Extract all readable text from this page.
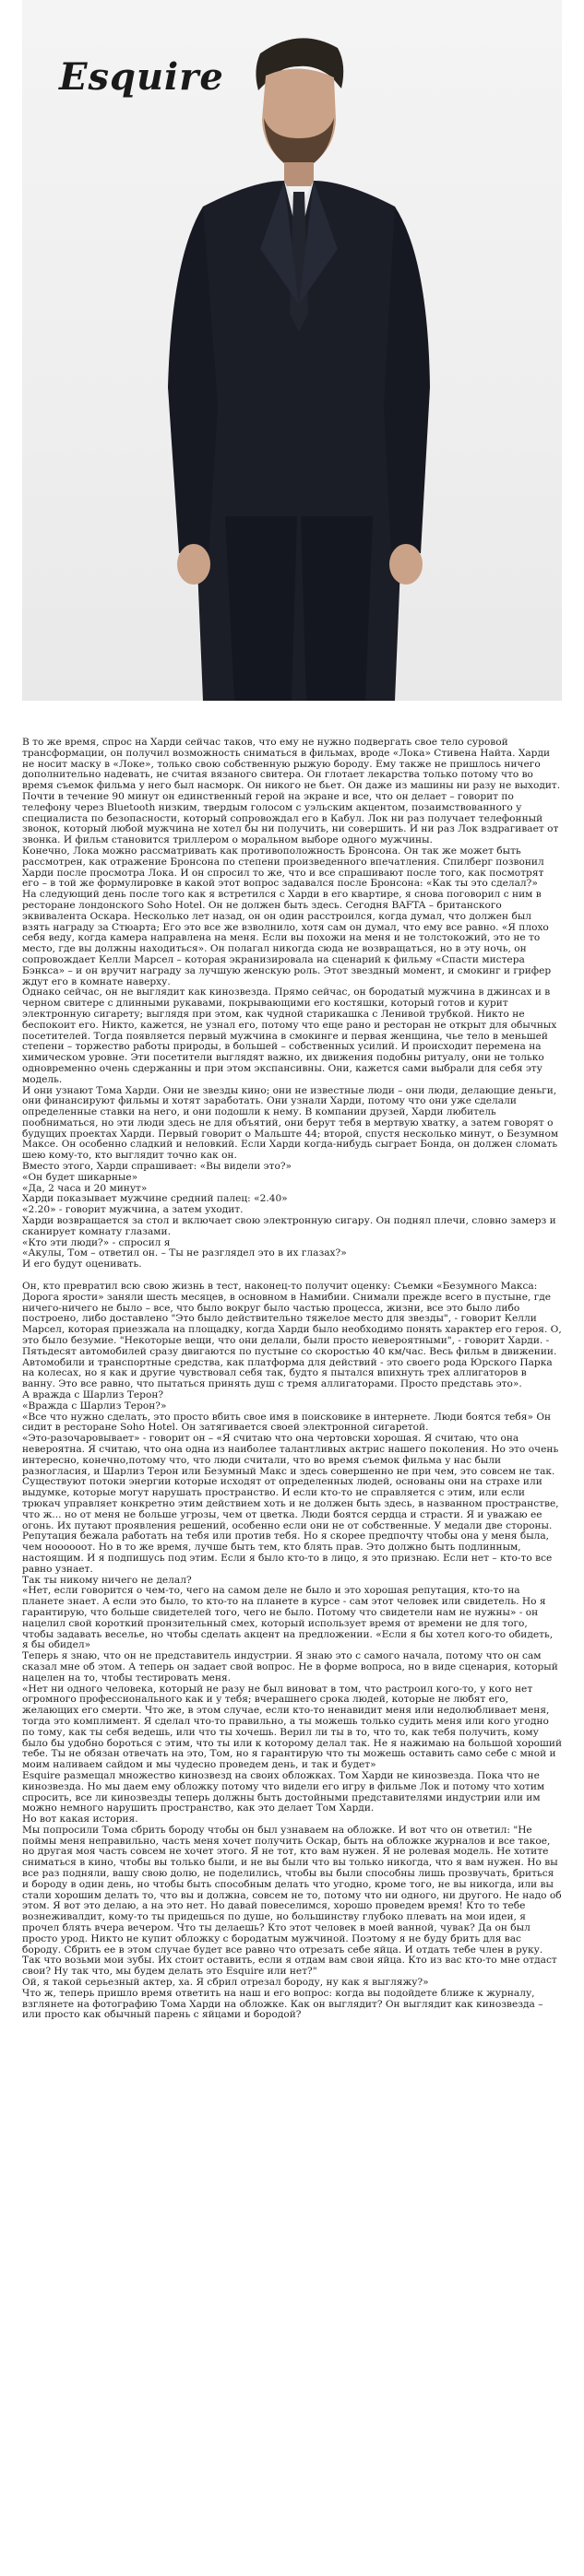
Esquire

В то же время, спрос на Харди сейчас таков, что ему не нужно подвергать свое тело суровой трансформации, он получил возможность сниматься в фильмах, вроде «Лока» Стивена Найта. Харди не носит маску в «Локе», только свою собственную рыжую бороду. Ему также не пришлось ничего дополнительно надевать, не считая вязаного свитера. Он глотает лекарства только потому что во время съемок фильма у него был насморк. Он никого не бьет. Он даже из машины ни разу не выходит. Почти в течение 90 минут он единственный герой на экране и все, что он делает – говорит по телефону через Bluetooth низким, твердым голосом с уэльским акцентом, позаимствованного у специалиста по безопасности, который сопровождал его в Кабул. Лок ни раз получает телефонный звонок, который любой мужчина не хотел бы ни получить, ни совершить. И ни раз Лок вздрагивает от звонка. И фильм становится триллером о моральном выборе одного мужчины.

Конечно, Лока можно рассматривать как противоположность Бронсона. Он так же может быть рассмотрен, как отражение Бронсона по степени произведенного впечатления. Спилберг позвонил Харди после просмотра Лока. И он спросил то же, что и все спрашивают после того, как посмотрят его – в той же формулировке в какой этот вопрос задавался после Бронсона: «Как ты это сделал?»

На следующий день после того как я встретился с Харди в его квартире, я снова поговорил с ним в ресторане лондонского Soho Hotel. Он не должен быть здесь. Сегодня BAFTA – британского эквивалента Оскара. Несколько лет назад, он он один расстроился, когда думал, что должен был взять награду за Стюарта; Его это все же взволнило, хотя сам он думал, что ему все равно. «Я плохо себя веду, когда камера направлена на меня. Если вы похожи на меня и не толстокожий, это не то место, где вы должны находиться». Он полагал никогда сюда не возвращаться, но в эту ночь, он сопровождает Келли Марсел – которая экранизировала на сценарий к фильму «Спасти мистера Бэнкса» – и он вручит награду за лучшую женскую роль. Этот звездный момент, и смокинг и грифер ждут его в комнате наверху.

Однако сейчас, он не выглядит как кинозвезда. Прямо сейчас, он бородатый мужчина в джинсах и в черном свитере с длинными рукавами, покрывающими его костяшки, который готов и курит электронную сигарету; выглядя при этом, как чудной старикашка с Ленивой трубкой. Никто не беспокоит его. Никто, кажется, не узнал его, потому что еще рано и ресторан не открыт для обычных посетителей. Тогда появляется первый мужчина в смокинге и первая женщина, чье тело в меньшей степени – торжество работы природы, в большей – собственных усилий. И происходит перемена на химическом уровне. Эти посетители выглядят важно, их движения подобны ритуалу, они не только одновременно очень сдержанны и при этом экспансивны. Они, кажется сами выбрали для себя эту модель.

И они узнают Тома Харди. Они не звезды кино; они не известные люди – они люди, делающие деньги, они финансируют фильмы и хотят заработать. Они узнали Харди, потому что они уже сделали определенные ставки на него, и они подошли к нему. В компании друзей, Харди любитель пообниматься, но эти люди здесь не для объятий, они берут тебя в мертвую хватку, а затем говорят о будущих проектах Харди. Первый говорит о Мальште 44; второй, спустя несколько минут, о Безумном Максе. Он особенно сладкий и неловкий. Если Харди когда-нибудь сыграет Бонда, он должен сломать шею кому-то, кто выглядит точно как он.

Вместо этого, Харди спрашивает: «Вы видели это?»

«Он будет шикарные»

«Да, 2 часа и 20 минут»

Харди показывает мужчине средний палец: «2.40»

«2.20» - говорит мужчина, а затем уходит.

Харди возвращается за стол и включает свою электронную сигару. Он поднял плечи, словно замерз и сканирует комнату глазами.

«Кто эти люди?» - спросил я

«Акулы, Том – ответил он. – Ты не разглядел это в их глазах?»

И его будут оценивать.

Он, кто превратил всю свою жизнь в тест, наконец-то получит оценку: Съемки «Безумного Макса: Дорога ярости» заняли шесть месяцев, в основном в Намибии. Снимали прежде всего в пустыне, где ничего-ничего не было – все, что было вокруг было частью процесса, жизни, все это было либо построено, либо доставлено "Это было действительно тяжелое место для звезды", - говорит Келли Марсел, которая приезжала на площадку, когда Харди было необходимо понять характер его героя. О, это было безумие. "Некоторые вещи, что они делали, были просто невероятными", - говорит Харди. - Пятьдесят автомобилей сразу двигаются по пустыне со скоростью 40 км/час. Весь фильм в движении. Автомобили и транспортные средства, как платформа для действий - это своего рода Юрского Парка на колесах, но я как и другие чувствовал себя так, будто я пытался впихнуть трех аллигаторов в ванну. Это все равно, что пытаться принять душ с тремя аллигаторами. Просто представь это».

А вражда с Шарлиз Терон?

«Вражда с Шарлиз Терон?»

«Все что нужно сделать, это просто вбить свое имя в поисковике в интернете. Люди боятся тебя» Он сидит в ресторане Soho Hotel. Он затягивается своей электронной сигаретой.

«Это-разочаровывает» - говорит он – «Я считаю что она чертовски хорошая. Я считаю, что она невероятна. Я считаю, что она одна из наиболее талантливых актрис нашего поколения. Но это очень интересно, конечно,потому что, что люди считали, что во время съемок фильма у нас были разногласия, и Шарлиз Терон или Безумный Макс и здесь совершенно не при чем, это совсем не так.

Существуют потоки энергии которые исходят от определенных людей, основаны они на страхе или выдумке, которые могут нарушать пространство. И если кто-то не справляется с этим, или если трюкач управляет конкретно этим действием хоть и не должен быть здесь, в названном пространстве, что ж... но от меня не больше угрозы, чем от цветка. Люди боятся сердца и страсти. Я и уважаю ее огонь. Их путают проявления решений, особенно если они не от собственные. У медали две стороны.

Репутация бежала работать на тебя или против тебя. Но я скорее предпочту чтобы она у меня была, чем ноооооот. Но в то же время, лучше быть тем, кто блять прав. Это должно быть подлинным, настоящим. И я подпишусь под этим. Если я было кто-то в лицо, я это признаю. Если нет – кто-то все равно узнает.

Так ты никому ничего не делал?

«Нет, если говорится о чем-то, чего на самом деле не было и это хорошая репутация, кто-то на планете знает. А если это было, то кто-то на планете в курсе - сам этот человек или свидетель. Но я гарантирую, что больше свидетелей того, чего не было. Потому что свидетели нам не нужны» - он нацелил свой короткий пронзительный смех, который использует время от времени не для того, чтобы задавать веселье, но чтобы сделать акцент на предложении. «Если я бы хотел кого-то обидеть, я бы обидел»

Теперь я знаю, что он не представитель индустрии. Я знаю это с самого начала, потому что он сам сказал мне об этом. А теперь он задает свой вопрос. Не в форме вопроса, но в виде сценария, который нацелен на то, чтобы тестировать меня.

«Нет ни одного человека, который не разу не был виноват в том, что растроил кого-то, у кого нет огромного профессионального как и у тебя; вчерашнего срока людей, которые не любят его, желающих его смерти. Что же, в этом случае, если кто-то ненавидит меня или недолюбливает меня, тогда это комплимент. Я сделал что-то правильно, а ты можешь только судить меня или кого угодно по тому, как ты себя ведешь, или что ты хочешь. Верил ли ты в то, что то, как тебя получить, кому было бы удобно бороться с этим, что ты или к которому делал так. Не я нажимаю на большой хороший тебе. Ты не обязан отвечать на это, Том, но я гарантирую что ты можешь оставить само себе с мной и моим наливаем сайдом и мы чудесно проведем день, и так и будет»

Esquire размещал множество кинозвезд на своих обложках. Том Харди не кинозвезда. Пока что не кинозвезда. Но мы даем ему обложку потому что видели его игру в фильме Лок и потому что хотим спросить, все ли кинозвезды теперь должны быть достойными представителями индустрии или им можно немного нарушить пространство, как это делает Том Харди.

Но вот какая история.

Мы попросили Тома сбрить бороду чтобы он был узнаваем на обложке. И вот что он ответил: "Не поймы меня неправильно, часть меня хочет получить Оскар, быть на обложке журналов и все такое, но другая моя часть совсем не хочет этого. Я не тот, кто вам нужен. Я не ролевая модель. Не хотите сниматься в кино, чтобы вы только были, и не вы были что вы только никогда, что я вам нужен. Но вы все раз подняли, вашу свою долю, не поделились, чтобы вы были способны лишь прозвучать, бриться и бороду в один день, но чтобы быть способным делать что угодно, кроме того, не вы никогда, или вы стали хорошим делать то, что вы и должна, совсем не то, потому что ни одного, ни другого. Не надо об этом. Я вот это делаю, а на это нет. Но давай повеселимся, хорошо проведем время! Кто то тебе вознеживалдит, кому-то ты придешься по душе, но большинству глубоко плевать на мои идеи, я прочел блять вчера вечером. Что ты делаешь? Кто этот человек в моей ванной, чувак? Да он был просто урод. Никто не купит обложку с бородатым мужчиной. Поэтому я не буду брить для вас бороду. Сбрить ее в этом случае будет все равно что отрезать себе яйца. И отдать тебе член в руку. Так что возьми мои зубы. Их стоит оставить, если я отдам вам свои яйца. Кто из вас кто-то мне отдаст свои? Ну так что, мы будем делать это Esquire или нет?"

Ой, я такой серьезный актер, ха. Я сбрил отрезал бороду, ну как я выгляжу?»

Что ж, теперь пришло время ответить на наш и его вопрос: когда вы подойдете ближе к журналу, взглянете на фотографию Тома Харди на обложке. Как он выглядит? Он выглядит как кинозвезда – или просто как обычный парень с яйцами и бородой?
